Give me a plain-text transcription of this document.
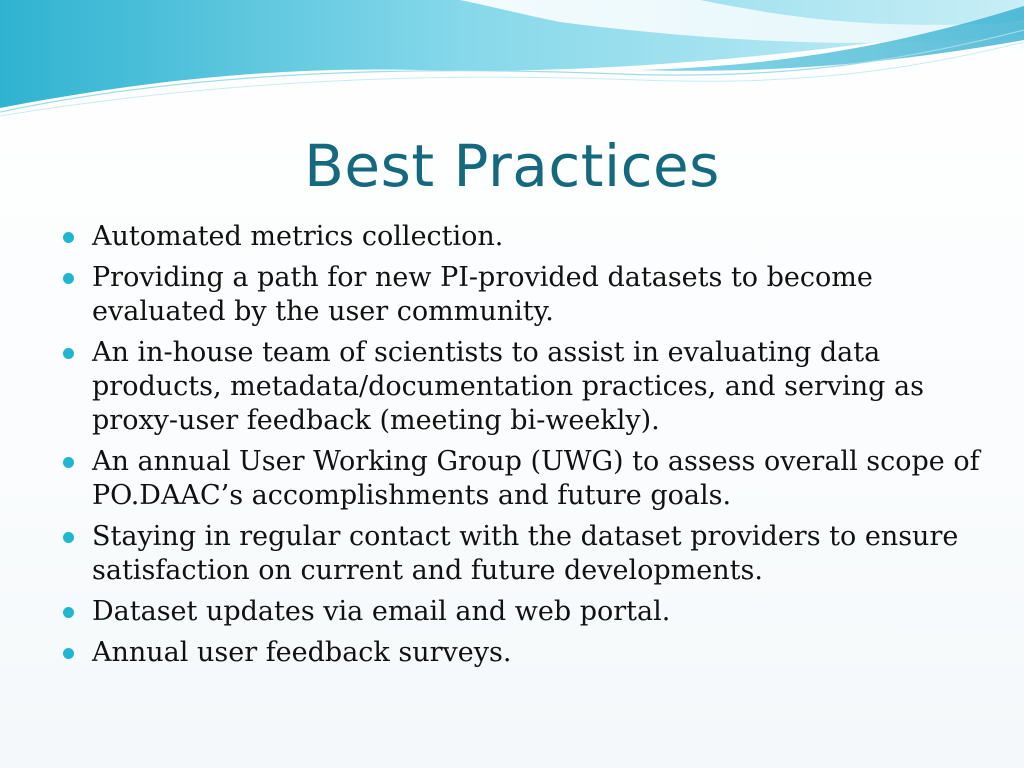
Best Practices
Automated metrics collection.
Providing a path for new PI-provided datasets to become evaluated by the user community.
An in-house team of scientists to assist in evaluating data products, metadata/documentation practices, and serving as proxy-user feedback (meeting bi-weekly).
An annual User Working Group (UWG) to assess overall scope of PO.DAAC’s accomplishments and future goals.
Staying in regular contact with the dataset providers to ensure satisfaction on current and future developments.
Dataset updates via email and web portal.
Annual user feedback surveys.
